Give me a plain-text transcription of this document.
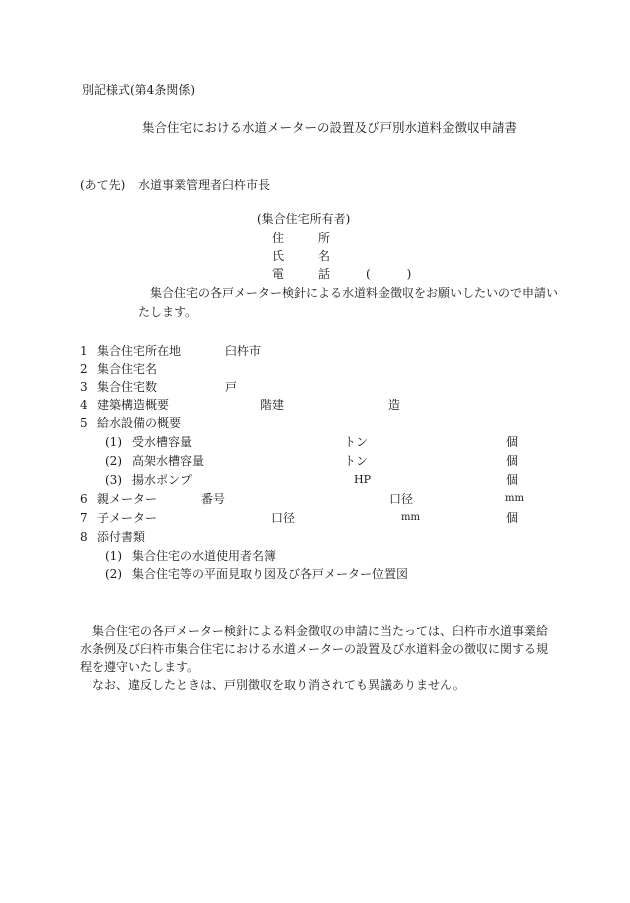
別記様式(第4条関係)
集合住宅における水道メーターの設置及び戸別水道料金徴収申請書
(あて先) 水道事業管理者臼杵市長
(集合住宅所有者)
住	所
氏	名
電	話	(　　　)
集合住宅の各戸メーター検針による水道料金徴収をお願いしたいので申請い
たします。
1 集合住宅所在地	臼杵市
2 集合住宅名
3 集合住宅数	戸
4 建築構造概要	階建	造
5 給水設備の概要
(1) 受水槽容量	トン	個
(2) 高架水槽容量	トン	個
(3) 揚水ポンプ	HP	個
6 親メーター	番号	口径	mm
7 子メーター	口径	mm	個
8 添付書類
(1) 集合住宅の水道使用者名簿
(2) 集合住宅等の平面見取り図及び各戸メーター位置図
集合住宅の各戸メーター検針による料金徴収の申請に当たっては、臼杵市水道事業給水条例及び臼杵市集合住宅における水道メーターの設置及び水道料金の徴収に関する規程を遵守いたします。
なお、違反したときは、戸別徴収を取り消されても異議ありません。
